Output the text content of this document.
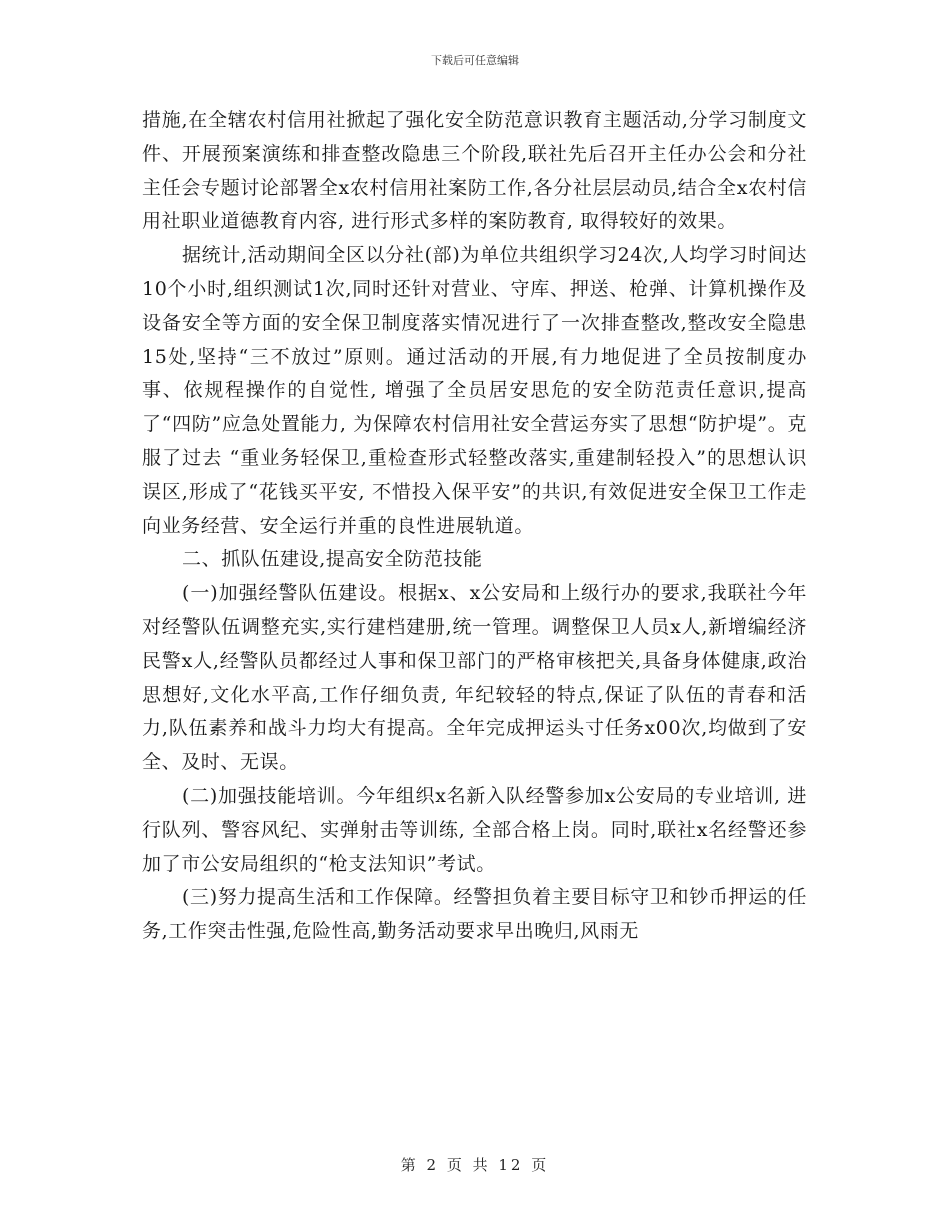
下载后可任意编辑

措施,在全辖农村信用社掀起了强化安全防范意识教育主题活动,分学习制度文件、开展预案演练和排查整改隐患三个阶段,联社先后召开主任办公会和分社主任会专题讨论部署全x农村信用社案防工作,各分社层层动员,结合全x农村信用社职业道德教育内容, 进行形式多样的案防教育, 取得较好的效果。

据统计,活动期间全区以分社(部)为单位共组织学习24次,人均学习时间达10个小时,组织测试1次,同时还针对营业、守库、押送、枪弹、计算机操作及设备安全等方面的安全保卫制度落实情况进行了一次排查整改,整改安全隐患15处,坚持“三不放过”原则。通过活动的开展,有力地促进了全员按制度办事、依规程操作的自觉性, 增强了全员居安思危的安全防范责任意识,提高了“四防”应急处置能力, 为保障农村信用社安全营运夯实了思想“防护堤”。克服了过去 “重业务轻保卫,重检查形式轻整改落实,重建制轻投入”的思想认识误区,形成了“花钱买平安, 不惜投入保平安”的共识,有效促进安全保卫工作走向业务经营、安全运行并重的良性进展轨道。

二、抓队伍建设,提高安全防范技能

(一)加强经警队伍建设。根据x、x公安局和上级行办的要求,我联社今年对经警队伍调整充实,实行建档建册,统一管理。调整保卫人员x人,新增编经济民警x人,经警队员都经过人事和保卫部门的严格审核把关,具备身体健康,政治思想好,文化水平高,工作仔细负责, 年纪较轻的特点,保证了队伍的青春和活力,队伍素养和战斗力均大有提高。全年完成押运头寸任务x00次,均做到了安全、及时、无误。

(二)加强技能培训。今年组织x名新入队经警参加x公安局的专业培训, 进行队列、警容风纪、实弹射击等训练, 全部合格上岗。同时,联社x名经警还参加了市公安局组织的“枪支法知识”考试。

(三)努力提高生活和工作保障。经警担负着主要目标守卫和钞币押运的任务,工作突击性强,危险性高,勤务活动要求早出晚归,风雨无

第 2 页 共 12 页
